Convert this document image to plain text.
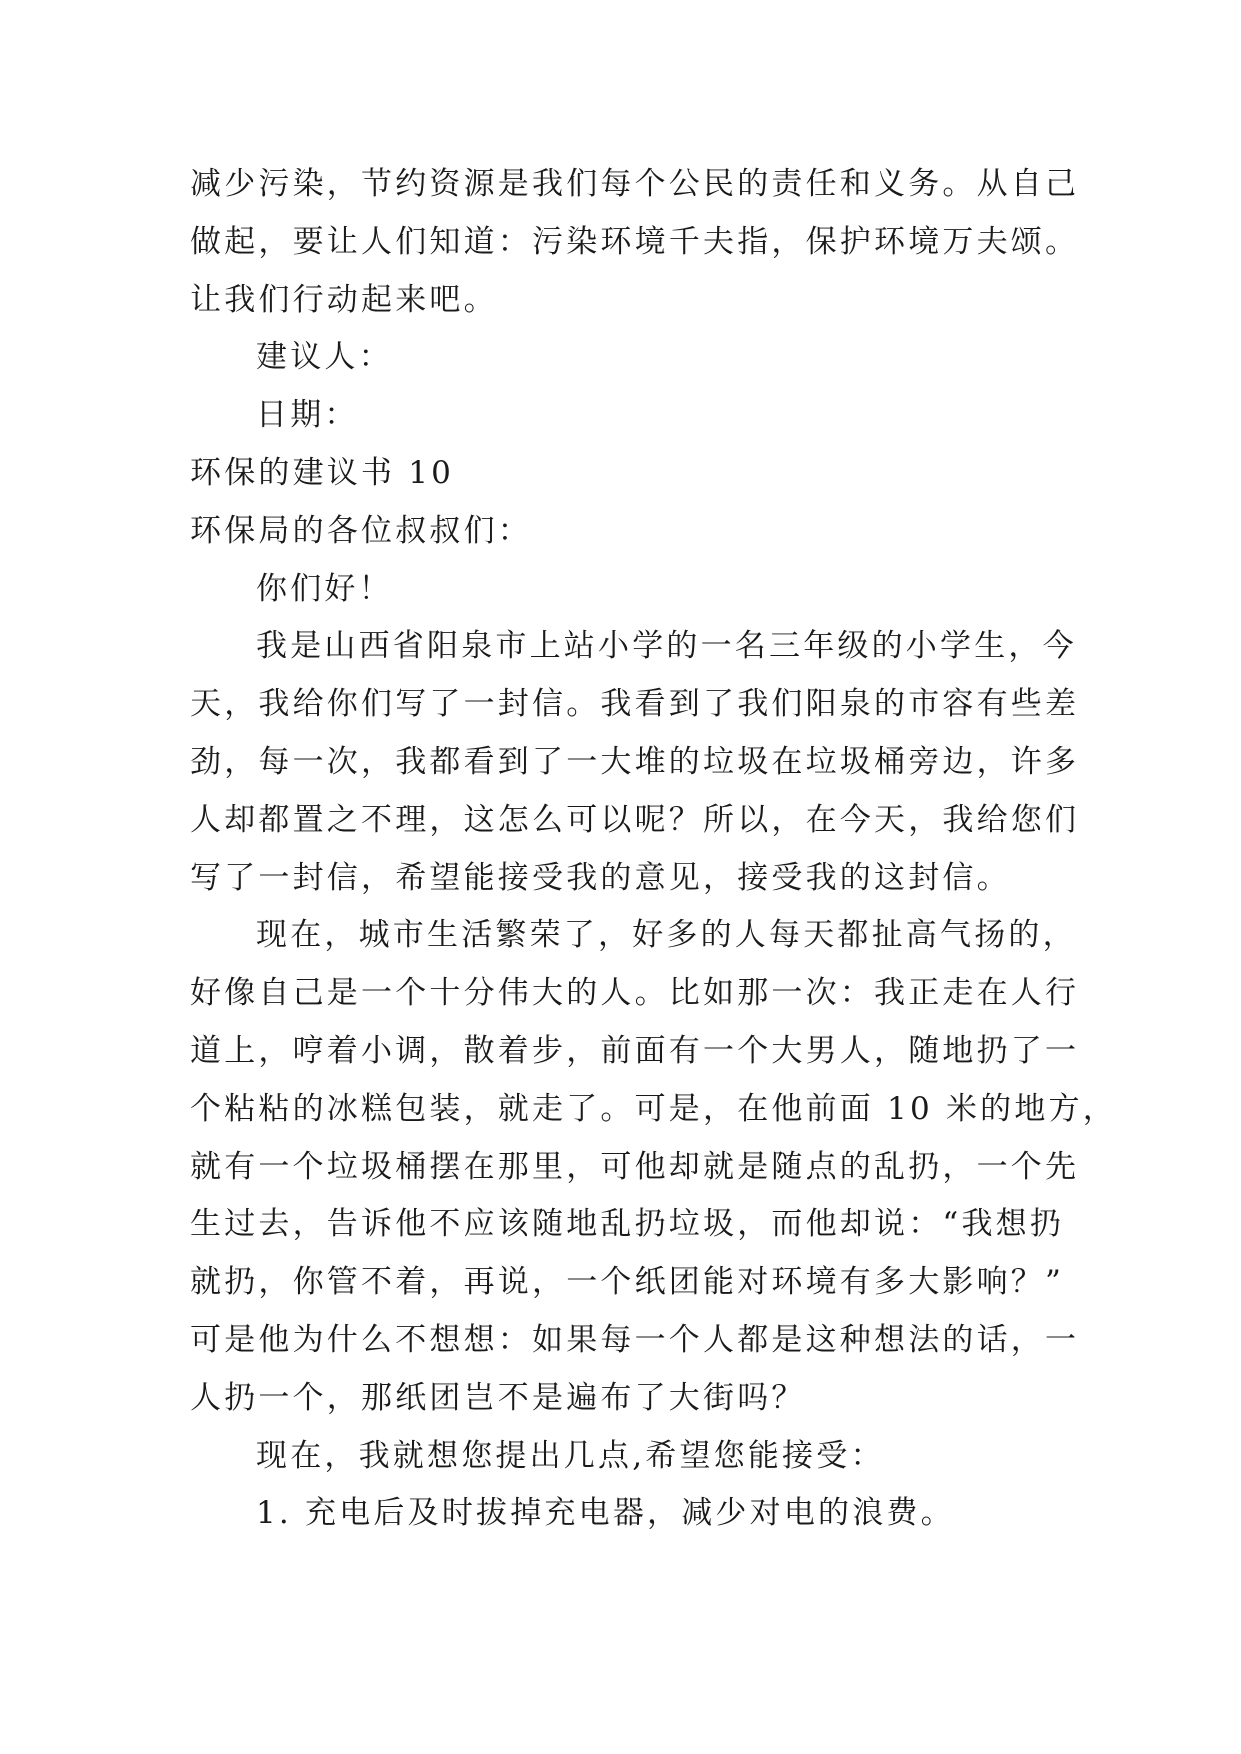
减少污染，节约资源是我们每个公民的责任和义务。从自己
做起，要让人们知道：污染环境千夫指，保护环境万夫颂。
让我们行动起来吧。
建议人：
日期：
环保的建议书 10
环保局的各位叔叔们：
你们好！
我是山西省阳泉市上站小学的一名三年级的小学生，今
天，我给你们写了一封信。我看到了我们阳泉的市容有些差
劲，每一次，我都看到了一大堆的垃圾在垃圾桶旁边，许多
人却都置之不理，这怎么可以呢？所以，在今天，我给您们
写了一封信，希望能接受我的意见，接受我的这封信。
现在，城市生活繁荣了，好多的人每天都扯高气扬的，
好像自己是一个十分伟大的人。比如那一次：我正走在人行
道上，哼着小调，散着步，前面有一个大男人，随地扔了一
个粘粘的冰糕包装，就走了。可是，在他前面 10 米的地方，
就有一个垃圾桶摆在那里，可他却就是随点的乱扔，一个先
生过去，告诉他不应该随地乱扔垃圾，而他却说：“我想扔
就扔，你管不着，再说，一个纸团能对环境有多大影响？”
可是他为什么不想想：如果每一个人都是这种想法的话，一
人扔一个，那纸团岂不是遍布了大街吗？
现在，我就想您提出几点,希望您能接受：
1. 充电后及时拔掉充电器，减少对电的浪费。
